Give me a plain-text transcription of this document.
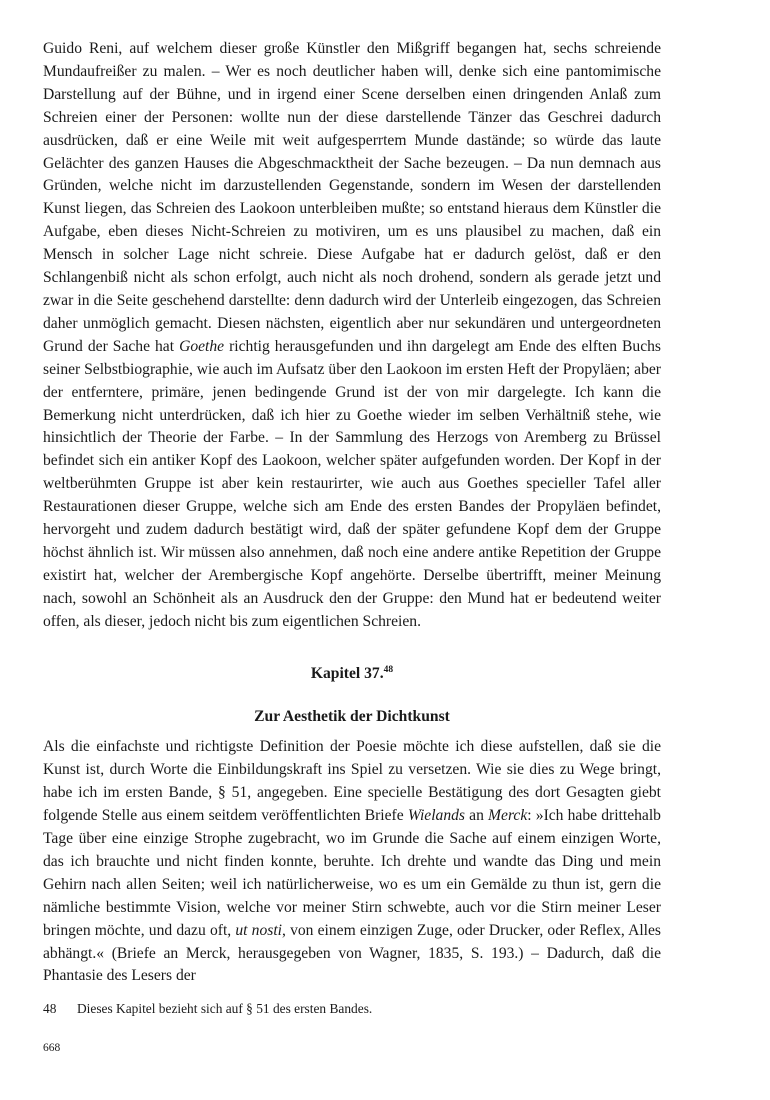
Guido Reni, auf welchem dieser große Künstler den Mißgriff begangen hat, sechs schreiende Mundaufreißer zu malen. – Wer es noch deutlicher haben will, denke sich eine pantomimische Darstellung auf der Bühne, und in irgend einer Scene derselben einen dringenden Anlaß zum Schreien einer der Personen: wollte nun der diese darstellende Tänzer das Geschrei dadurch ausdrücken, daß er eine Weile mit weit aufgesperrtem Munde dastände; so würde das laute Gelächter des ganzen Hauses die Abgeschmacktheit der Sache bezeugen. – Da nun demnach aus Gründen, welche nicht im darzustellenden Gegenstande, sondern im Wesen der darstellenden Kunst liegen, das Schreien des Laokoon unterbleiben mußte; so entstand hieraus dem Künstler die Aufgabe, eben dieses Nicht-Schreien zu motiviren, um es uns plausibel zu machen, daß ein Mensch in solcher Lage nicht schreie. Diese Aufgabe hat er dadurch gelöst, daß er den Schlangenbiß nicht als schon erfolgt, auch nicht als noch drohend, sondern als gerade jetzt und zwar in die Seite geschehend darstellte: denn dadurch wird der Unterleib eingezogen, das Schreien daher unmöglich gemacht. Diesen nächsten, eigentlich aber nur sekundären und untergeordneten Grund der Sache hat Goethe richtig herausgefunden und ihn dargelegt am Ende des elften Buchs seiner Selbstbiographie, wie auch im Aufsatz über den Laokoon im ersten Heft der Propyläen; aber der entferntere, primäre, jenen bedingende Grund ist der von mir dargelegte. Ich kann die Bemerkung nicht unterdrücken, daß ich hier zu Goethe wieder im selben Verhältniß stehe, wie hinsichtlich der Theorie der Farbe. – In der Sammlung des Herzogs von Aremberg zu Brüssel befindet sich ein antiker Kopf des Laokoon, welcher später aufgefunden worden. Der Kopf in der weltberühmten Gruppe ist aber kein restaurirter, wie auch aus Goethes specieller Tafel aller Restaurationen dieser Gruppe, welche sich am Ende des ersten Bandes der Propyläen befindet, hervorgeht und zudem dadurch bestätigt wird, daß der später gefundene Kopf dem der Gruppe höchst ähnlich ist. Wir müssen also annehmen, daß noch eine andere antike Repetition der Gruppe existirt hat, welcher der Arembergische Kopf angehörte. Derselbe übertrifft, meiner Meinung nach, sowohl an Schönheit als an Ausdruck den der Gruppe: den Mund hat er bedeutend weiter offen, als dieser, jedoch nicht bis zum eigentlichen Schreien.

Kapitel 37.48

Zur Aesthetik der Dichtkunst

Als die einfachste und richtigste Definition der Poesie möchte ich diese aufstellen, daß sie die Kunst ist, durch Worte die Einbildungskraft ins Spiel zu versetzen. Wie sie dies zu Wege bringt, habe ich im ersten Bande, § 51, angegeben. Eine specielle Bestätigung des dort Gesagten giebt folgende Stelle aus einem seitdem veröffentlichten Briefe Wielands an Merck: »Ich habe drittehalb Tage über eine einzige Strophe zugebracht, wo im Grunde die Sache auf einem einzigen Worte, das ich brauchte und nicht finden konnte, beruhte. Ich drehte und wandte das Ding und mein Gehirn nach allen Seiten; weil ich natürlicherweise, wo es um ein Gemälde zu thun ist, gern die nämliche bestimmte Vision, welche vor meiner Stirn schwebte, auch vor die Stirn meiner Leser bringen möchte, und dazu oft, ut nosti, von einem einzigen Zuge, oder Drucker, oder Reflex, Alles abhängt.« (Briefe an Merck, herausgegeben von Wagner, 1835, S. 193.) – Dadurch, daß die Phantasie des Lesers der

48 Dieses Kapitel bezieht sich auf § 51 des ersten Bandes.
668
